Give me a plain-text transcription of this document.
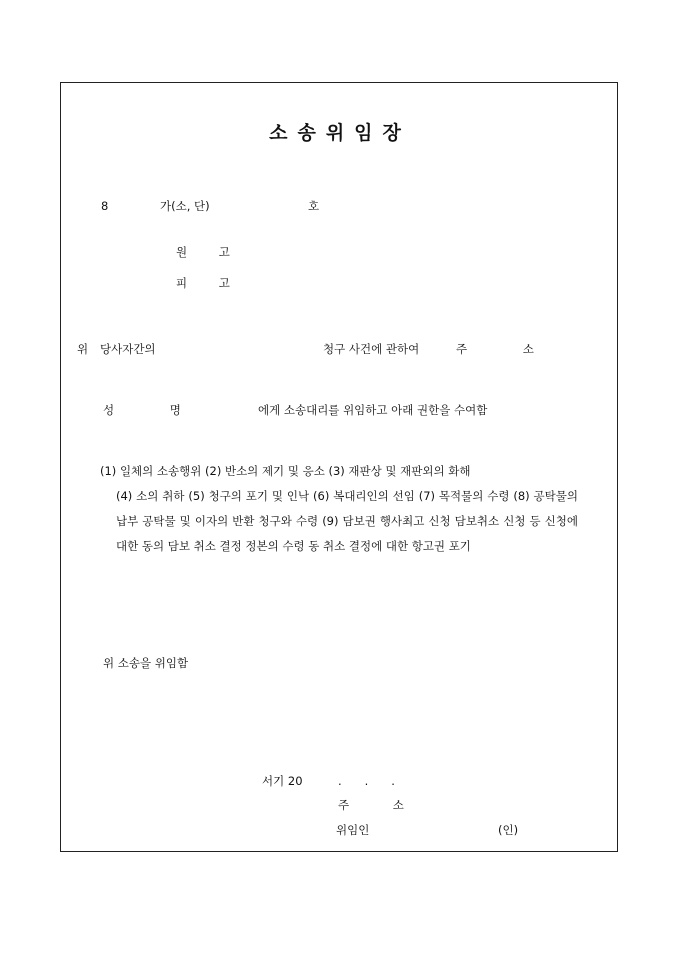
소송위임장
8	가(소, 단)	호
원 고
피 고
위 당사자간의	청구 사건에 관하여	주 소
성 명	에게 소송대리를 위임하고 아래 권한을 수여함
(1) 일체의 소송행위 (2) 반소의 제기 및 응소 (3) 재판상 및 재판외의 화해
(4) 소의 취하 (5) 청구의 포기 및 인낙 (6) 복대리인의 선임 (7) 목적물의 수령 (8) 공탁물의 납부 공탁물 및 이자의 반환 청구와 수령 (9) 담보권 행사최고 신청 담보취소 신청 등 신청에 대한 동의 담보 취소 결정 정본의 수령 동 취소 결정에 대한 항고권 포기
위 소송을 위임함
서기 20	.　　.　　.
주 소
위임인	(인)
